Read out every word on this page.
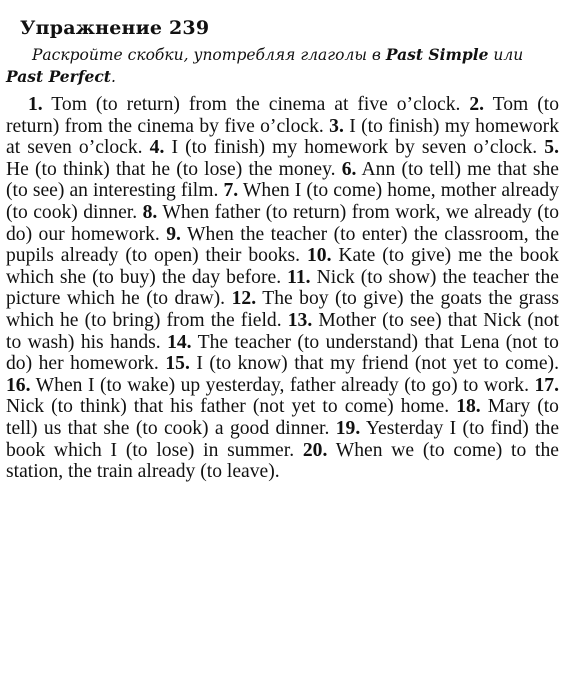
Упражнение 239
Раскройте скобки, употребляя глаголы в Past Simple или Past Perfect.
1. Tom (to return) from the cinema at five o’clock. 2. Tom (to return) from the cinema by five o’clock. 3. I (to finish) my homework at seven o’clock. 4. I (to finish) my homework by seven o’clock. 5. He (to think) that he (to lose) the money. 6. Ann (to tell) me that she (to see) an interesting film. 7. When I (to come) home, mother already (to cook) dinner. 8. When father (to return) from work, we already (to do) our homework. 9. When the teacher (to enter) the classroom, the pupils already (to open) their books. 10. Kate (to give) me the book which she (to buy) the day before. 11. Nick (to show) the teacher the picture which he (to draw). 12. The boy (to give) the goats the grass which he (to bring) from the field. 13. Mother (to see) that Nick (not to wash) his hands. 14. The teacher (to understand) that Lena (not to do) her homework. 15. I (to know) that my friend (not yet to come). 16. When I (to wake) up yesterday, father already (to go) to work. 17. Nick (to think) that his father (not yet to come) home. 18. Mary (to tell) us that she (to cook) a good dinner. 19. Yesterday I (to find) the book which I (to lose) in summer. 20. When we (to come) to the station, the train already (to leave).
